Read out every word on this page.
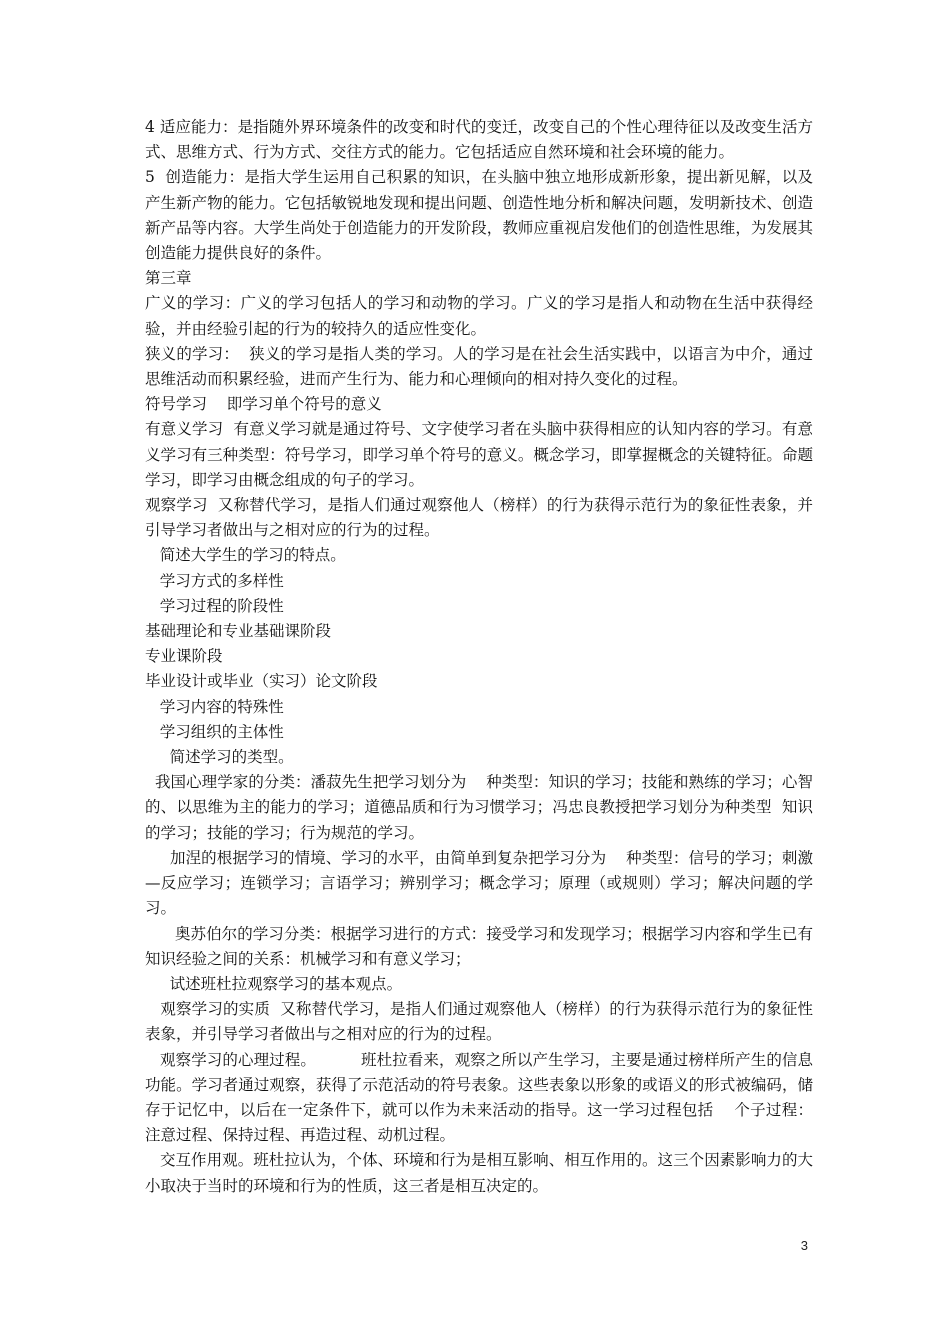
4 适应能力：是指随外界环境条件的改变和时代的变迁，改变自己的个性心理待征以及改变生活方式、思维方式、行为方式、交往方式的能力。它包括适应自然环境和社会环境的能力。

5  创造能力：是指大学生运用自己积累的知识，在头脑中独立地形成新形象，提出新见解，以及产生新产物的能力。它包括敏锐地发现和提出问题、创造性地分析和解决问题，发明新技术、创造新产品等内容。大学生尚处于创造能力的开发阶段，教师应重视启发他们的创造性思维，为发展其创造能力提供良好的条件。

第三章

广义的学习：广义的学习包括人的学习和动物的学习。广义的学习是指人和动物在生活中获得经验，并由经验引起的行为的较持久的适应性变化。

狭义的学习：  狭义的学习是指人类的学习。人的学习是在社会生活实践中，以语言为中介，通过思维活动而积累经验，进而产生行为、能力和心理倾向的相对持久变化的过程。

符号学习    即学习单个符号的意义

有意义学习  有意义学习就是通过符号、文字使学习者在头脑中获得相应的认知内容的学习。有意义学习有三种类型：符号学习，即学习单个符号的意义。概念学习，即掌握概念的关键特征。命题学习，即学习由概念组成的句子的学习。

观察学习  又称替代学习，是指人们通过观察他人（榜样）的行为获得示范行为的象征性表象，并引导学习者做出与之相对应的行为的过程。

简述大学生的学习的特点。

学习方式的多样性

学习过程的阶段性

基础理论和专业基础课阶段

专业课阶段

毕业设计或毕业（实习）论文阶段

学习内容的特殊性

学习组织的主体性

简述学习的类型。

我国心理学家的分类：潘菽先生把学习划分为    种类型：知识的学习；技能和熟练的学习；心智的、以思维为主的能力的学习；道德品质和行为习惯学习；冯忠良教授把学习划分为种类型  知识的学习；技能的学习；行为规范的学习。

加涅的根据学习的情境、学习的水平，由简单到复杂把学习分为    种类型：信号的学习；刺激—反应学习；连锁学习；言语学习；辨别学习；概念学习；原理（或规则）学习；解决问题的学习。

奥苏伯尔的学习分类：根据学习进行的方式：接受学习和发现学习；根据学习内容和学生已有知识经验之间的关系：机械学习和有意义学习；

试述班杜拉观察学习的基本观点。

观察学习的实质  又称替代学习，是指人们通过观察他人（榜样）的行为获得示范行为的象征性表象，并引导学习者做出与之相对应的行为的过程。

观察学习的心理过程。         班杜拉看来，观察之所以产生学习，主要是通过榜样所产生的信息功能。学习者通过观察，获得了示范活动的符号表象。这些表象以形象的或语义的形式被编码，储存于记忆中，以后在一定条件下，就可以作为未来活动的指导。这一学习过程包括    个子过程：注意过程、保持过程、再造过程、动机过程。

交互作用观。班杜拉认为，个体、环境和行为是相互影响、相互作用的。这三个因素影响力的大小取决于当时的环境和行为的性质，这三者是相互决定的。

3
